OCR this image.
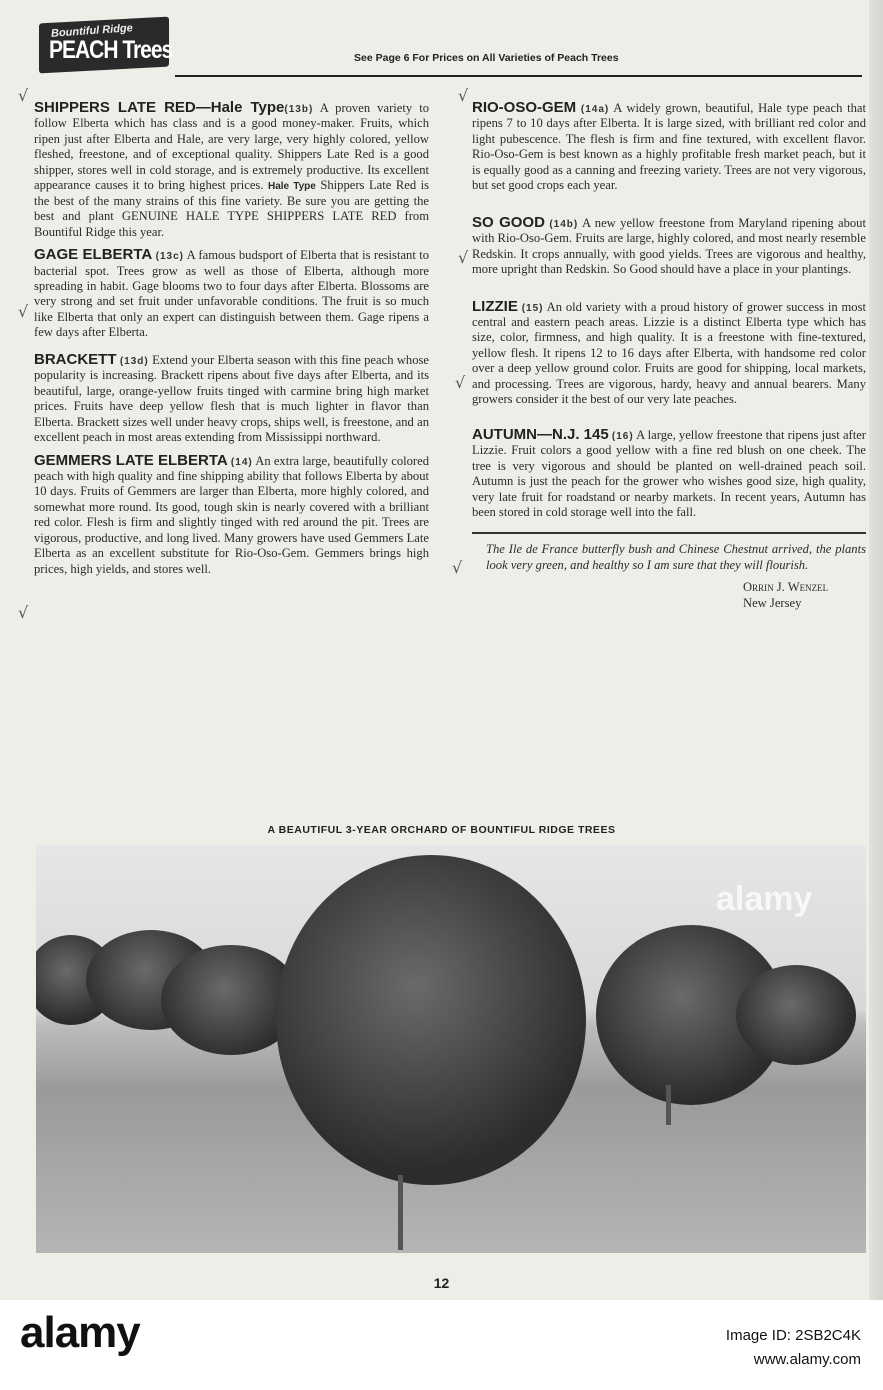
Bountiful Ridge
PEACH Trees	See Page 6 For Prices on All Varieties of Peach Trees
√
√
√
√
√
√
√

SHIPPERS LATE RED—Hale Type(13b) A proven variety to follow Elberta which has class and is a good money-maker. Fruits, which ripen just after Elberta and Hale, are very large, very highly colored, yellow fleshed, freestone, and of exceptional quality. Shippers Late Red is a good shipper, stores well in cold storage, and is extremely productive. Its excellent appearance causes it to bring highest prices. Hale Type Shippers Late Red is the best of the many strains of this fine variety. Be sure you are getting the best and plant GENUINE HALE TYPE SHIPPERS LATE RED from Bountiful Ridge this year.

GAGE ELBERTA (13c) A famous budsport of Elberta that is resistant to bacterial spot. Trees grow as well as those of Elberta, although more spreading in habit. Gage blooms two to four days after Elberta. Blossoms are very strong and set fruit under unfavorable conditions. The fruit is so much like Elberta that only an expert can distinguish between them. Gage ripens a few days after Elberta.

BRACKETT (13d) Extend your Elberta season with this fine peach whose popularity is increasing. Brackett ripens about five days after Elberta, and its beautiful, large, orange-yellow fruits tinged with carmine bring high market prices. Fruits have deep yellow flesh that is much lighter in flavor than Elberta. Brackett sizes well under heavy crops, ships well, is freestone, and an excellent peach in most areas extending from Mississippi northward.

GEMMERS LATE ELBERTA (14) An extra large, beautifully colored peach with high quality and fine shipping ability that follows Elberta by about 10 days. Fruits of Gemmers are larger than Elberta, more highly colored, and somewhat more round. Its good, tough skin is nearly covered with a brilliant red color. Flesh is firm and slightly tinged with red around the pit. Trees are vigorous, productive, and long lived. Many growers have used Gemmers Late Elberta as an excellent substitute for Rio-Oso-Gem. Gemmers brings high prices, high yields, and stores well.

RIO-OSO-GEM (14a) A widely grown, beautiful, Hale type peach that ripens 7 to 10 days after Elberta. It is large sized, with brilliant red color and light pubescence. The flesh is firm and fine textured, with excellent flavor. Rio-Oso-Gem is best known as a highly profitable fresh market peach, but it is equally good as a canning and freezing variety. Trees are not very vigorous, but set good crops each year.

SO GOOD (14b) A new yellow freestone from Maryland ripening about with Rio-Oso-Gem. Fruits are large, highly colored, and most nearly resemble Redskin. It crops annually, with good yields. Trees are vigorous and healthy, more upright than Redskin. So Good should have a place in your plantings.

LIZZIE (15) An old variety with a proud history of grower success in most central and eastern peach areas. Lizzie is a distinct Elberta type which has size, color, firmness, and high quality. It is a freestone with fine-textured, yellow flesh. It ripens 12 to 16 days after Elberta, with handsome red color over a deep yellow ground color. Fruits are good for shipping, local markets, and processing. Trees are vigorous, hardy, heavy and annual bearers. Many growers consider it the best of our very late peaches.

AUTUMN—N.J. 145 (16) A large, yellow freestone that ripens just after Lizzie. Fruit colors a good yellow with a fine red blush on one cheek. The tree is very vigorous and should be planted on well-drained peach soil. Autumn is just the peach for the grower who wishes good size, high quality, very late fruit for roadstand or nearby markets. In recent years, Autumn has been stored in cold storage well into the fall.

The Ile de France butterfly bush and Chinese Chestnut arrived, the plants look very green, and healthy so I am sure that they will flourish.

Orrin J. Wenzel
New Jersey
A BEAUTIFUL 3-YEAR ORCHARD OF BOUNTIFUL RIDGE TREES
alamy
12
alamy	Image ID: 2SB2C4K
www.alamy.com
